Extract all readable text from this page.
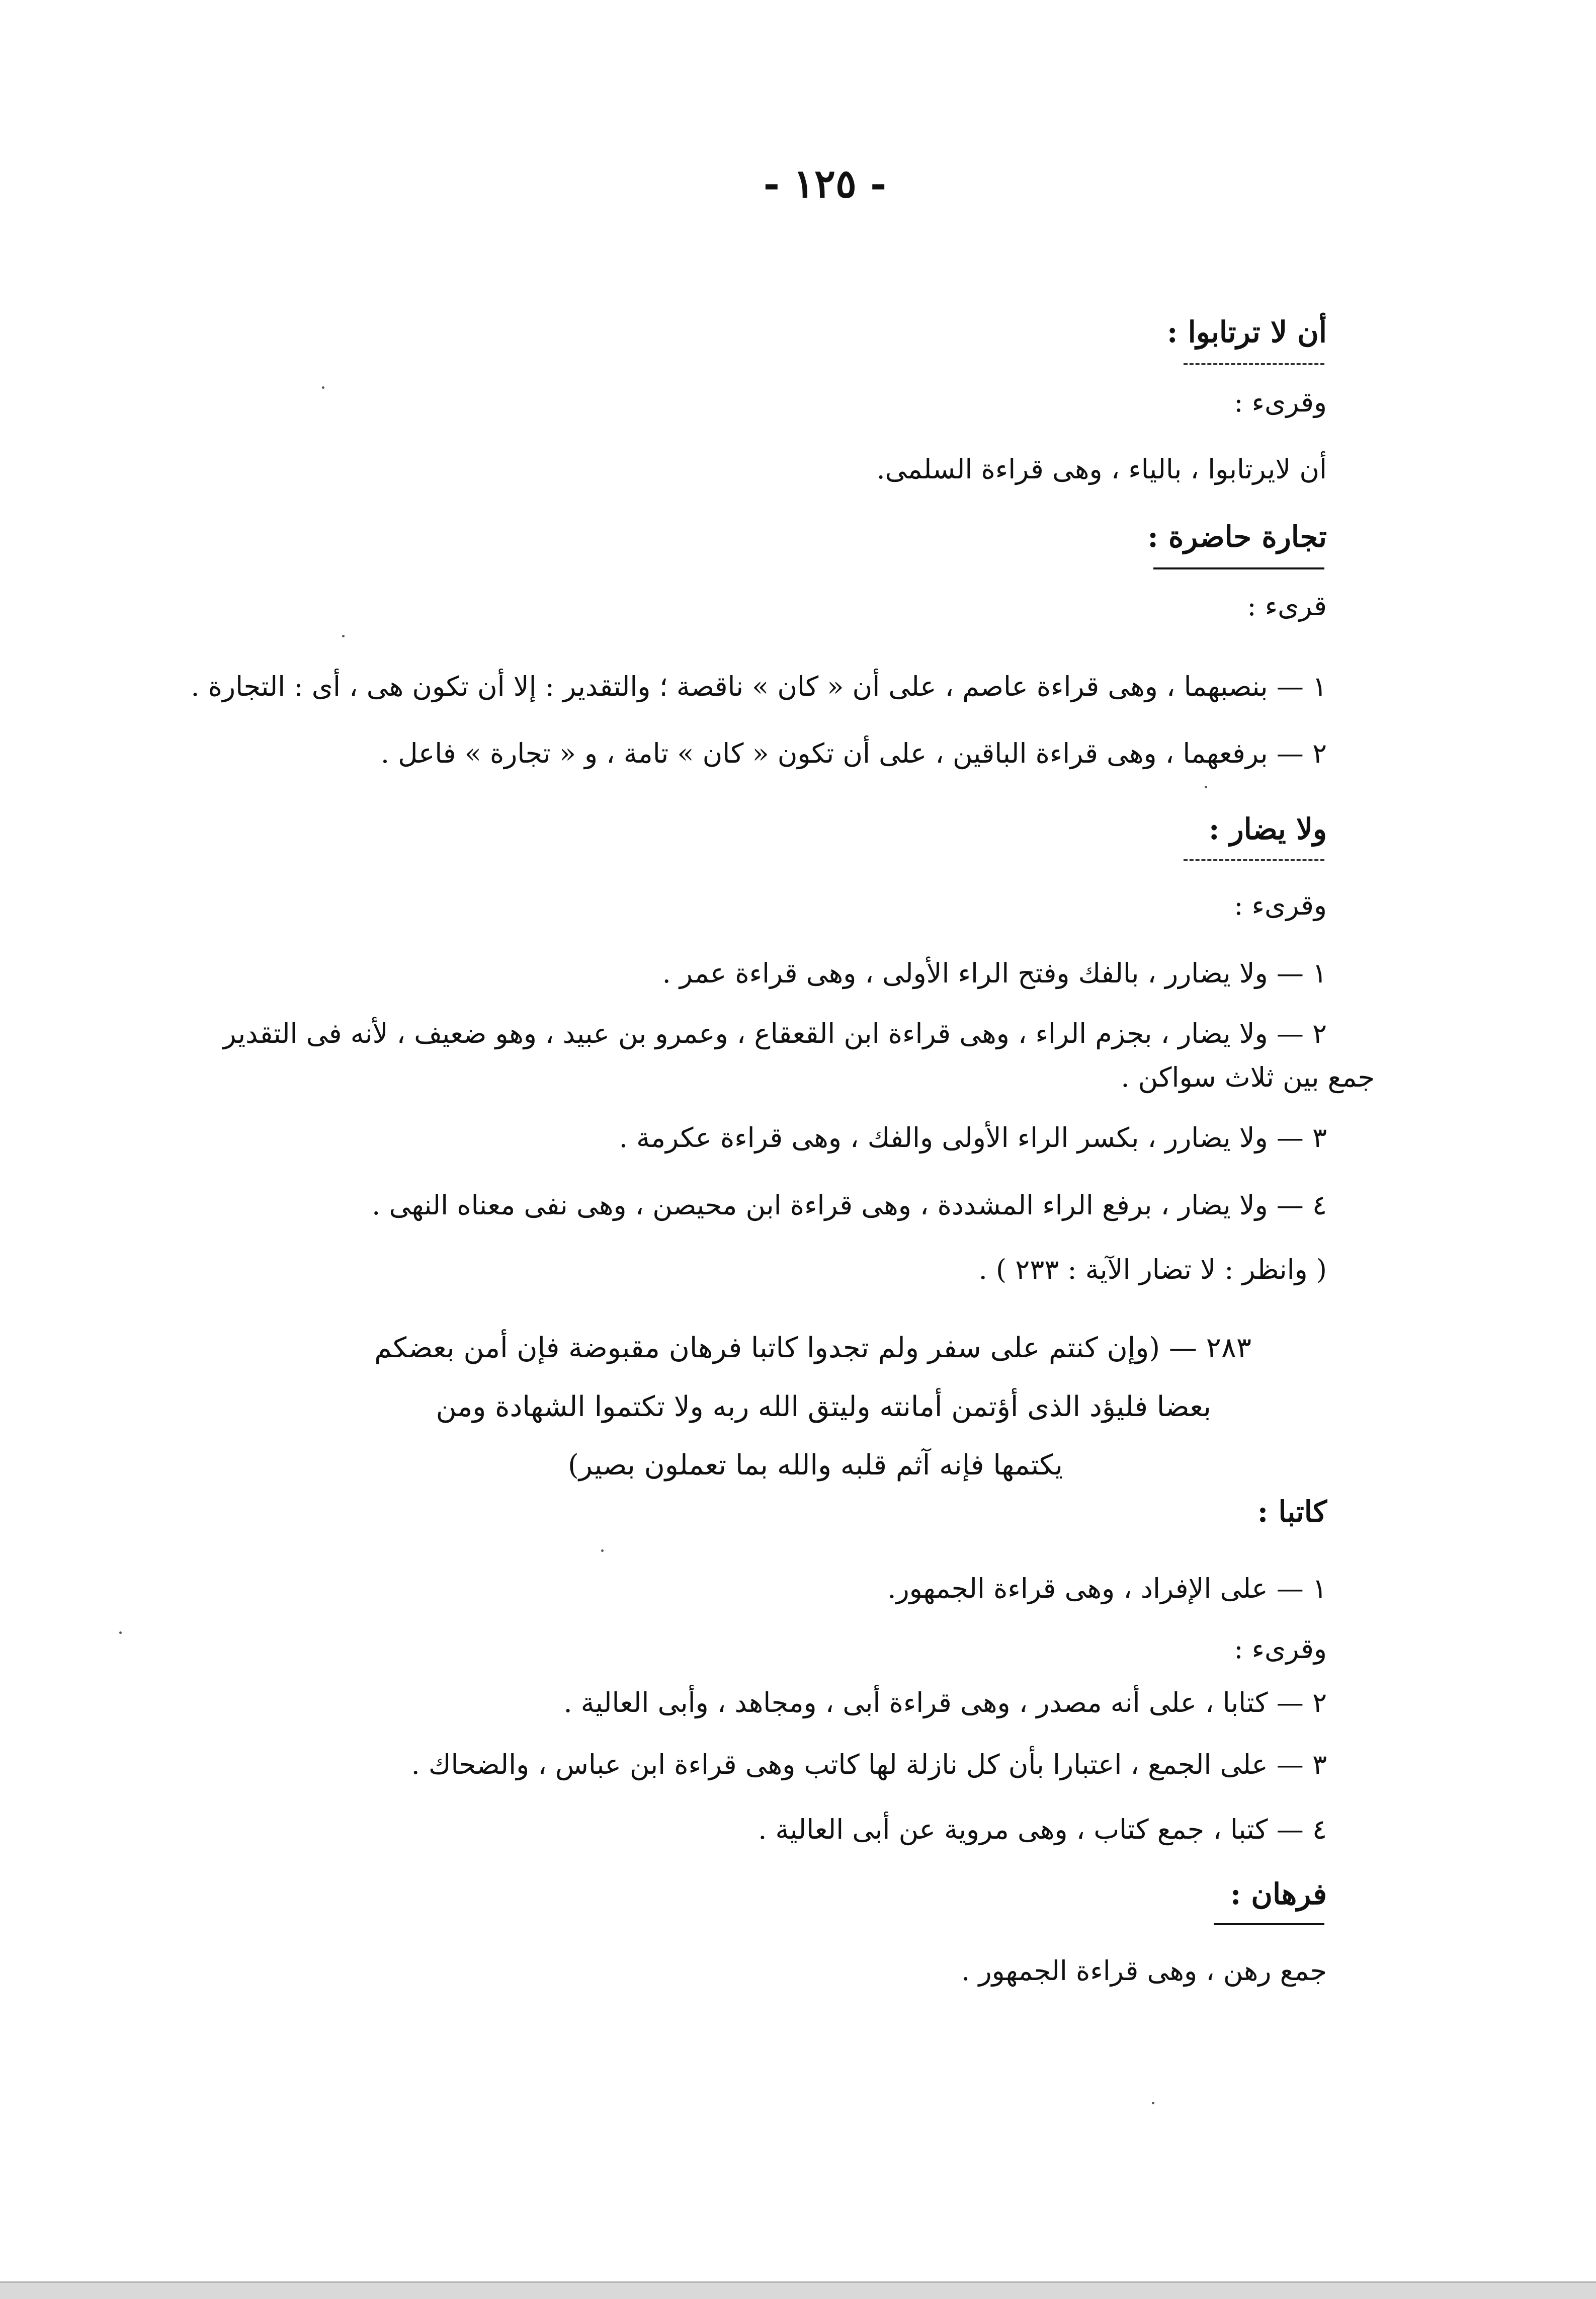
- ١٢٥ -
أن لا ترتابوا :
وقرىء :
أن لايرتابوا ، بالياء ، وهى قراءة السلمى.
تجارة حاضرة :
قرىء :
١ — بنصبهما ، وهى قراءة عاصم ، على أن « كان » ناقصة ؛ والتقدير : إلا أن تكون هى ، أى : التجارة .
٢ — برفعهما ، وهى قراءة الباقين ، على أن تكون « كان » تامة ، و « تجارة » فاعل .
ولا يضار :
وقرىء :
١ — ولا يضارر ، بالفك وفتح الراء الأولى ، وهى قراءة عمر .
٢ — ولا يضار ، بجزم الراء ، وهى قراءة ابن القعقاع ، وعمرو بن عبيد ، وهو ضعيف ، لأنه فى التقدير
جمع بين ثلاث سواكن .
٣ — ولا يضارر ، بكسر الراء الأولى والفك ، وهى قراءة عكرمة .
٤ — ولا يضار ، برفع الراء المشددة ، وهى قراءة ابن محيصن ، وهى نفى معناه النهى .
( وانظر : لا تضار الآية : ٢٣٣ ) .
٢٨٣ — (وإن كنتم على سفر ولم تجدوا كاتبا فرهان مقبوضة فإن أمن بعضكم
بعضا فليؤد الذى أؤتمن أمانته وليتق الله ربه ولا تكتموا الشهادة ومن
يكتمها فإنه آثم قلبه والله بما تعملون بصير)
كاتبا :
١ — على الإفراد ، وهى قراءة الجمهور.
وقرىء :
٢ — كتابا ، على أنه مصدر ، وهى قراءة أبى ، ومجاهد ، وأبى العالية .
٣ — على الجمع ، اعتبارا بأن كل نازلة لها كاتب وهى قراءة ابن عباس ، والضحاك .
٤ — كتبا ، جمع كتاب ، وهى مروية عن أبى العالية .
فرهان :
جمع رهن ، وهى قراءة الجمهور .
